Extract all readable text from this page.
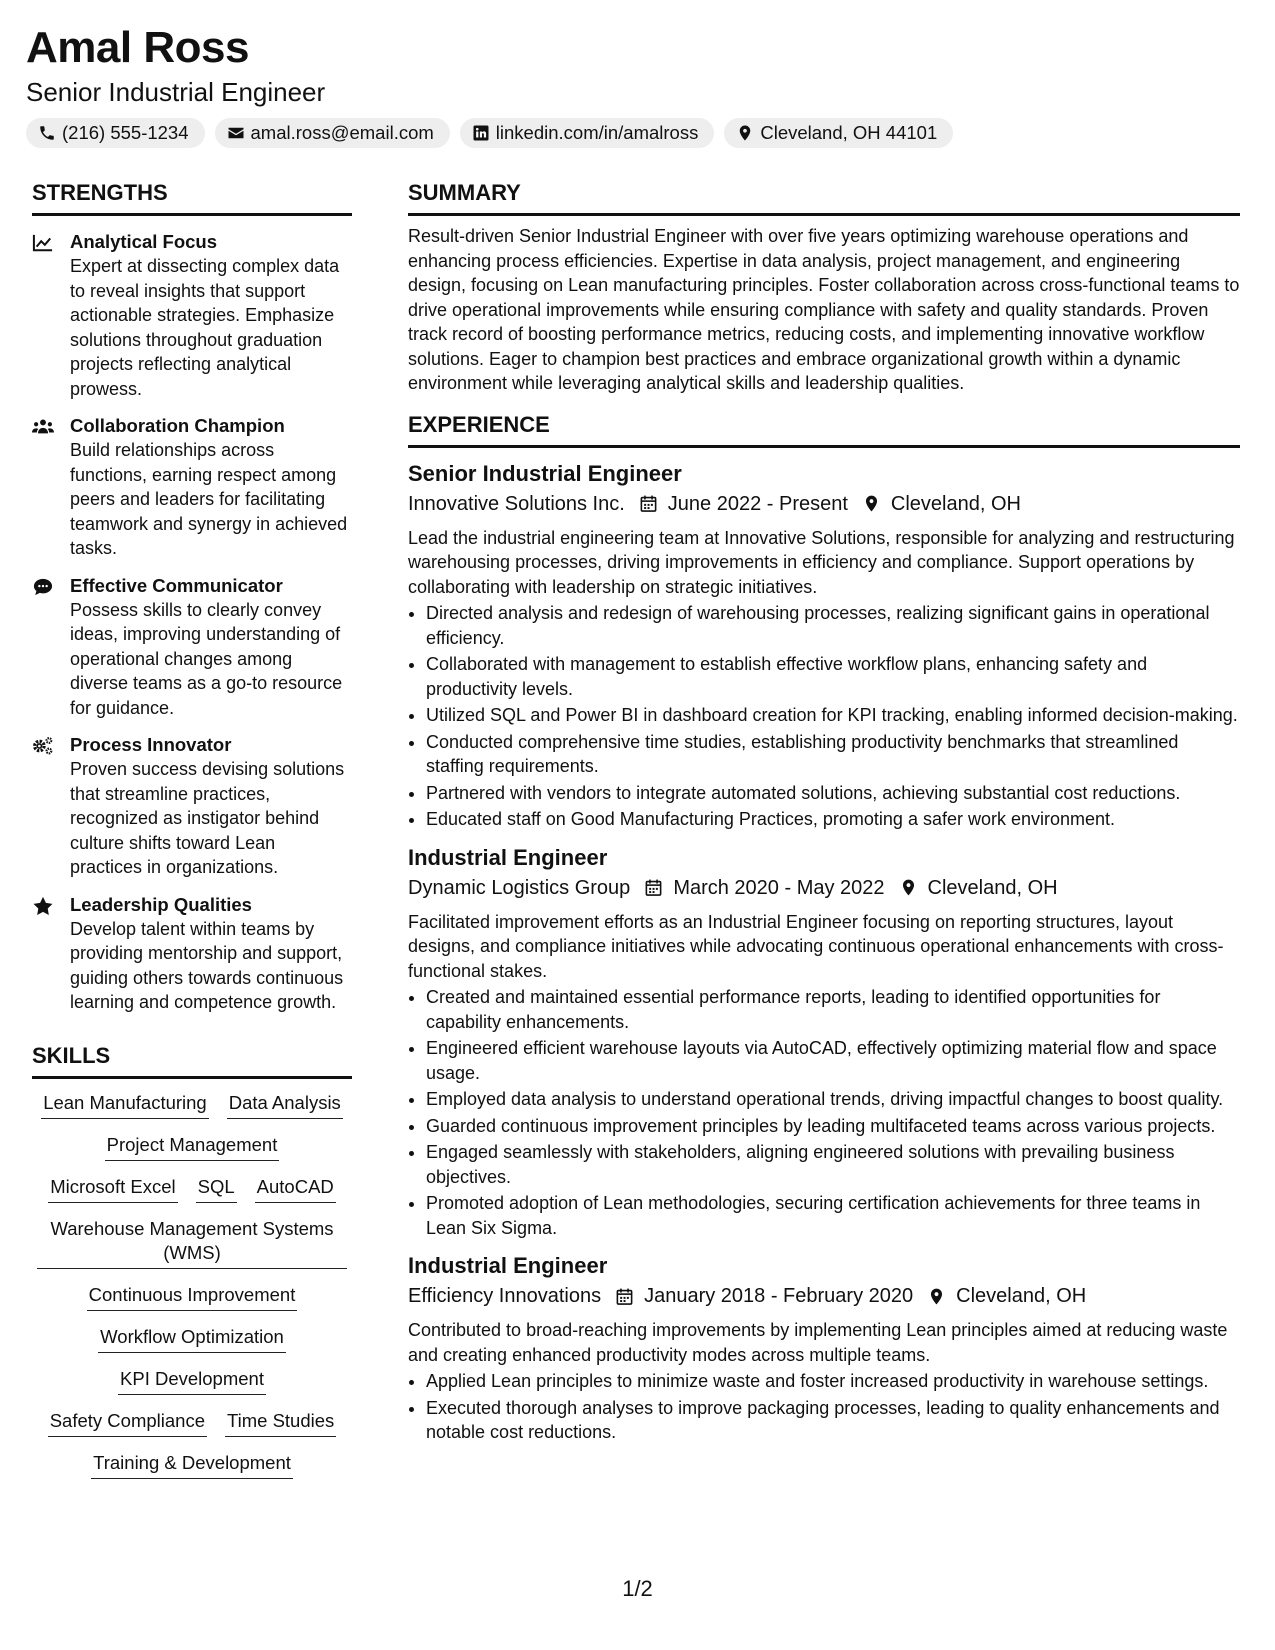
Amal Ross
Senior Industrial Engineer
(216) 555-1234	amal.ross@email.com	linkedin.com/in/amalross	Cleveland, OH 44101
STRENGTHS
Analytical Focus

Expert at dissecting complex data to reveal insights that support actionable strategies. Emphasize solutions throughout graduation projects reflecting analytical prowess.

Collaboration Champion

Build relationships across functions, earning respect among peers and leaders for facilitating teamwork and synergy in achieved tasks.

Effective Communicator

Possess skills to clearly convey ideas, improving understanding of operational changes among diverse teams as a go-to resource for guidance.

Process Innovator

Proven success devising solutions that streamline practices, recognized as instigator behind culture shifts toward Lean practices in organizations.

Leadership Qualities

Develop talent within teams by providing mentorship and support, guiding others towards continuous learning and competence growth.

SKILLS
Lean Manufacturing Data Analysis
Project Management
Microsoft Excel SQL AutoCAD
Warehouse Management Systems (WMS)
Continuous Improvement
Workflow Optimization
KPI Development
Safety Compliance Time Studies
Training & Development
SUMMARY

Result-driven Senior Industrial Engineer with over five years optimizing warehouse operations and enhancing process efficiencies. Expertise in data analysis, project management, and engineering design, focusing on Lean manufacturing principles. Foster collaboration across cross-functional teams to drive operational improvements while ensuring compliance with safety and quality standards. Proven track record of boosting performance metrics, reducing costs, and implementing innovative workflow solutions. Eager to champion best practices and embrace organizational growth within a dynamic environment while leveraging analytical skills and leadership qualities.

EXPERIENCE
Senior Industrial Engineer
Innovative Solutions Inc. June 2022 - Present Cleveland, OH

Lead the industrial engineering team at Innovative Solutions, responsible for analyzing and restructuring warehousing processes, driving improvements in efficiency and compliance. Support operations by collaborating with leadership on strategic initiatives.

• Directed analysis and redesign of warehousing processes, realizing significant gains in operational efficiency.
• Collaborated with management to establish effective workflow plans, enhancing safety and productivity levels.
• Utilized SQL and Power BI in dashboard creation for KPI tracking, enabling informed decision-making.
• Conducted comprehensive time studies, establishing productivity benchmarks that streamlined staffing requirements.
• Partnered with vendors to integrate automated solutions, achieving substantial cost reductions.
• Educated staff on Good Manufacturing Practices, promoting a safer work environment.
Industrial Engineer
Dynamic Logistics Group March 2020 - May 2022 Cleveland, OH

Facilitated improvement efforts as an Industrial Engineer focusing on reporting structures, layout designs, and compliance initiatives while advocating continuous operational enhancements with cross-functional stakes.

• Created and maintained essential performance reports, leading to identified opportunities for capability enhancements.
• Engineered efficient warehouse layouts via AutoCAD, effectively optimizing material flow and space usage.
• Employed data analysis to understand operational trends, driving impactful changes to boost quality.
• Guarded continuous improvement principles by leading multifaceted teams across various projects.
• Engaged seamlessly with stakeholders, aligning engineered solutions with prevailing business objectives.
• Promoted adoption of Lean methodologies, securing certification achievements for three teams in Lean Six Sigma.
Industrial Engineer
Efficiency Innovations January 2018 - February 2020 Cleveland, OH

Contributed to broad-reaching improvements by implementing Lean principles aimed at reducing waste and creating enhanced productivity modes across multiple teams.

• Applied Lean principles to minimize waste and foster increased productivity in warehouse settings.
• Executed thorough analyses to improve packaging processes, leading to quality enhancements and notable cost reductions.
1/2
